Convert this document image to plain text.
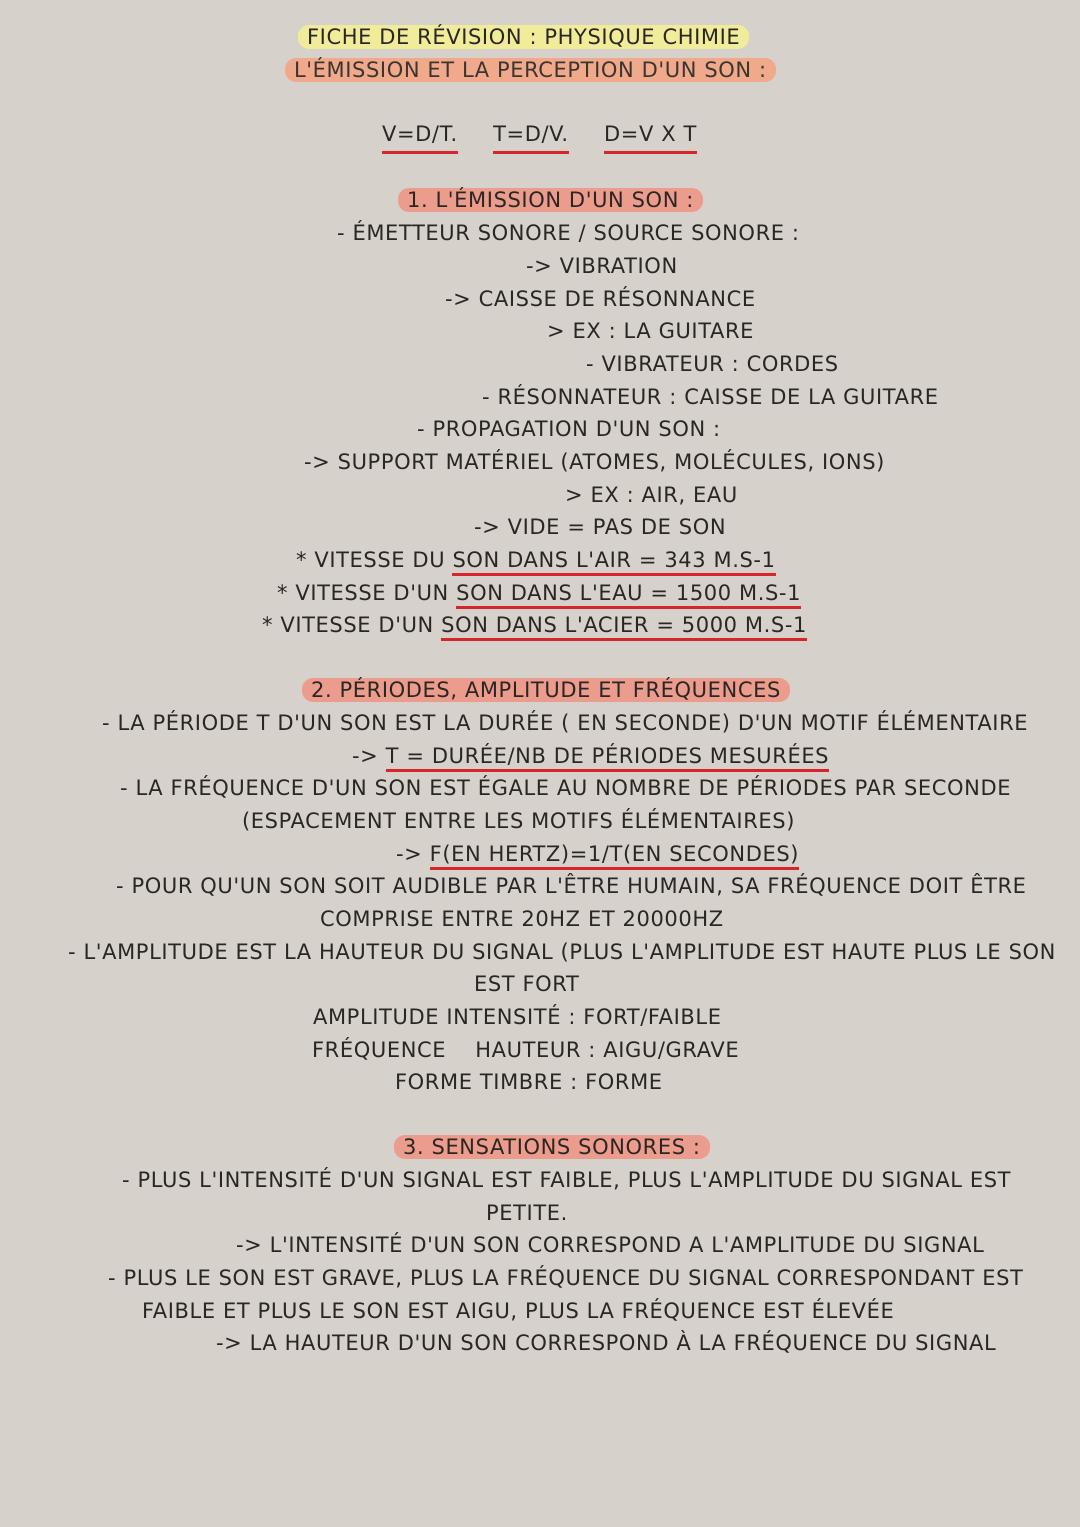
FICHE DE RÉVISION : PHYSIQUE CHIMIE

L'ÉMISSION ET LA PERCEPTION D'UN SON :

V=D/T. T=D/V. D=V X T

1. L'ÉMISSION D'UN SON :

- ÉMETTEUR SONORE / SOURCE SONORE :

-> VIBRATION

-> CAISSE DE RÉSONNANCE

> EX : LA GUITARE

- VIBRATEUR : CORDES

- RÉSONNATEUR : CAISSE DE LA GUITARE

- PROPAGATION D'UN SON :

-> SUPPORT MATÉRIEL (ATOMES, MOLÉCULES, IONS)

> EX : AIR, EAU

-> VIDE = PAS DE SON

* VITESSE DU SON DANS L'AIR = 343 M.S-1

* VITESSE D'UN SON DANS L'EAU = 1500 M.S-1

* VITESSE D'UN SON DANS L'ACIER = 5000 M.S-1

2. PÉRIODES, AMPLITUDE ET FRÉQUENCES

- LA PÉRIODE T D'UN SON EST LA DURÉE ( EN SECONDE) D'UN MOTIF ÉLÉMENTAIRE

-> T = DURÉE/NB DE PÉRIODES MESURÉES

- LA FRÉQUENCE D'UN SON EST ÉGALE AU NOMBRE DE PÉRIODES PAR SECONDE

(ESPACEMENT ENTRE LES MOTIFS ÉLÉMENTAIRES)

-> F(EN HERTZ)=1/T(EN SECONDES)

- POUR QU'UN SON SOIT AUDIBLE PAR L'ÊTRE HUMAIN, SA FRÉQUENCE DOIT ÊTRE

COMPRISE ENTRE 20HZ ET 20000HZ

- L'AMPLITUDE EST LA HAUTEUR DU SIGNAL (PLUS L'AMPLITUDE EST HAUTE PLUS LE SON

EST FORT

AMPLITUDE INTENSITÉ : FORT/FAIBLE

FRÉQUENCE    HAUTEUR : AIGU/GRAVE

FORME TIMBRE : FORME

3. SENSATIONS SONORES :

- PLUS L'INTENSITÉ D'UN SIGNAL EST FAIBLE, PLUS L'AMPLITUDE DU SIGNAL EST

PETITE.

-> L'INTENSITÉ D'UN SON CORRESPOND A L'AMPLITUDE DU SIGNAL

- PLUS LE SON EST GRAVE, PLUS LA FRÉQUENCE DU SIGNAL CORRESPONDANT EST

FAIBLE ET PLUS LE SON EST AIGU, PLUS LA FRÉQUENCE EST ÉLEVÉE

-> LA HAUTEUR D'UN SON CORRESPOND À LA FRÉQUENCE DU SIGNAL
